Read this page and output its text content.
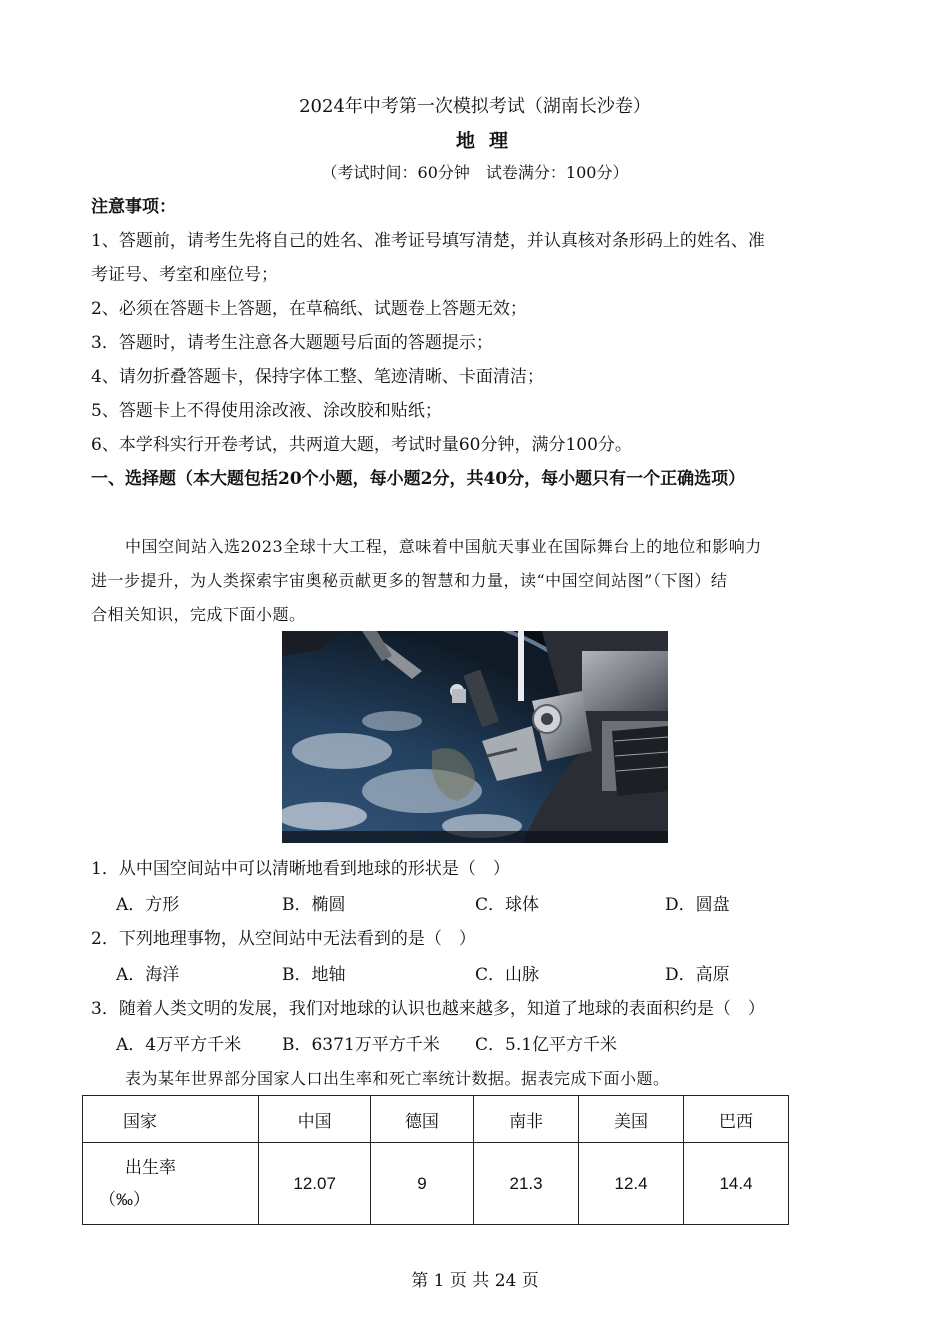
2024年中考第一次模拟考试（湖南长沙卷）
地理
（考试时间：60分钟　试卷满分：100分）
注意事项：
1、答题前，请考生先将自己的姓名、准考证号填写清楚，并认真核对条形码上的姓名、准
考证号、考室和座位号；
2、必须在答题卡上答题，在草稿纸、试题卷上答题无效；
3．答题时，请考生注意各大题题号后面的答题提示；
4、请勿折叠答题卡，保持字体工整、笔迹清晰、卡面清洁；
5、答题卡上不得使用涂改液、涂改胶和贴纸；
6、本学科实行开卷考试，共两道大题，考试时量60分钟，满分100分。
一、选择题（本大题包括20个小题，每小题2分，共40分，每小题只有一个正确选项）
中国空间站入选2023全球十大工程，意味着中国航天事业在国际舞台上的地位和影响力
进一步提升，为人类探索宇宙奥秘贡献更多的智慧和力量，读“中国空间站图”（下图）结
合相关知识，完成下面小题。
1．从中国空间站中可以清晰地看到地球的形状是（　）
A．方形	B．椭圆	C．球体	D．圆盘
2．下列地理事物，从空间站中无法看到的是（　）
A．海洋	B．地轴	C．山脉	D．高原
3．随着人类文明的发展，我们对地球的认识也越来越多，知道了地球的表面积约是（　）
A．4万平方千米 B．6371万平方千米 C．5.1亿平方千米
表为某年世界部分国家人口出生率和死亡率统计数据。据表完成下面小题。
国家	中国	德国	南非	美国	巴西

出生率
（‰）	12.07	9	21.3	12.4	14.4
第 1 页 共 24 页
